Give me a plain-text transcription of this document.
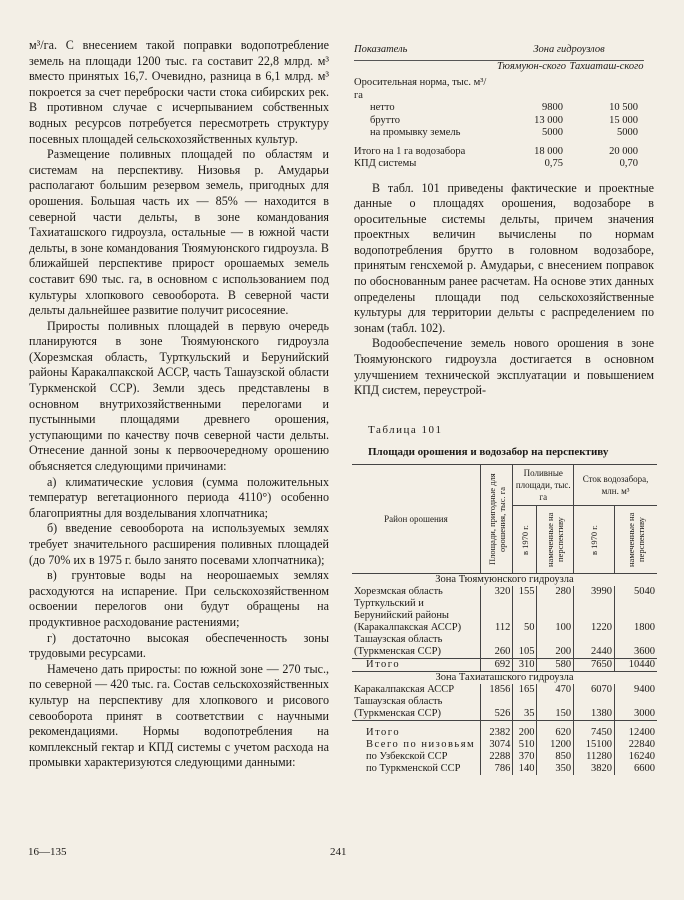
м³/га. С внесением такой поправки водопотребление земель на площади 1200 тыс. га составит 22,8 млрд. м³ вместо принятых 16,7. Очевидно, разница в 6,1 млрд. м³ покроется за счет переброски части стока сибирских рек. В противном случае с исчерпыванием собственных водных ресурсов потребуется пересмотреть структуру посевных площадей сельскохозяйственных культур.

Размещение поливных площадей по областям и системам на перспективу. Низовья р. Амударьи располагают большим резервом земель, пригодных для орошения. Большая часть их — 85% — находится в северной части дельты, в зоне командования Тахиаташского гидроузла, остальные — в южной части дельты, в зоне командования Тюямуюнского гидроузла. В ближайшей перспективе прирост орошаемых земель составит 690 тыс. га, в основном с использованием под культуры хлопкового севооборота. В северной части дельты дальнейшее развитие получит рисосеяние.

Приросты поливных площадей в первую очередь планируются в зоне Тюямуюнского гидроузла (Хорезмская область, Турткульский и Берунийский районы Каракалпакской АССР, часть Ташаузской области Туркменской ССР). Земли здесь представлены в основном внутрихозяйственными перелогами и пустынными площадями древнего орошения, уступающими по качеству почв северной части дельты. Отнесение данной зоны к первоочередному орошению объясняется следующими причинами:

а) климатические условия (сумма положительных температур вегетационного периода 4110°) особенно благоприятны для возделывания хлопчатника;

б) введение севооборота на используемых землях требует значительного расширения поливных площадей (до 70% их в 1975 г. было занято посевами хлопчатника);

в) грунтовые воды на неорошаемых землях расходуются на испарение. При сельскохозяйственном освоении перелогов они будут обращены на продуктивное расходование растениями;

г) достаточно высокая обеспеченность зоны трудовыми ресурсами.

Намечено дать приросты: по южной зоне — 270 тыс., по северной — 420 тыс. га. Состав сельскохозяйственных культур на перспективу для хлопкового и рисового севооборота принят в соответствии с научными рекомендациями. Нормы водопотребления на комплексный гектар и КПД системы с учетом расхода на промывки характеризуются следующими данными:

Показатель	Зона гидроузлов
Тюямуюн-ского Тахиаташ-ского
Оросительная норма, тыс. м³/га
нетто	9800	10 500
брутто	13 000	15 000
на промывку земель	5000	5000
Итого на 1 га водозабора	18 000	20 000
КПД системы	0,75	0,70

В табл. 101 приведены фактические и проектные данные о площадях орошения, водозаборе в оросительные системы дельты, причем значения проектных величин вычислены по нормам водопотребления брутто в головном водозаборе, принятым генсхемой р. Амударьи, с внесением поправок по обоснованным ранее расчетам. На основе этих данных определены площади под сельскохозяйственные культуры для территории дельты с распределением по зонам (табл. 102).

Водообеспечение земель нового орошения в зоне Тюямуюнского гидроузла достигается в основном улучшением технической эксплуатации и повышением КПД систем, переустрой-

Таблица 101
Площади орошения и водозабор на перспективу
Район орошения	Площади, пригодные для орошения, тыс. га	Поливные площади, тыс. га		Сток водозабора, млн. м³	

		в 1970 г.	намеченные на перспективу	в 1970 г.	намеченные на перспективу

Зона Тюямуюнского гидроузла					
Хорезмская область	320	155	280	3990	5040
Турткульский и Берунийский районы (Каракалпакская АССР)	112	50	100	1220	1800
Ташаузская область (Туркменская ССР)	260	105	200	2440	3600
Итого	692	310	580	7650	10440
Зона Тахиаташского гидроузла					
Каракалпакская АССР	1856	165	470	6070	9400
Ташаузская область (Туркменская ССР)	526	35	150	1380	3000
Итого	2382	200	620	7450	12400
Всего по низовьям	3074	510	1200	15100	22840
по Узбекской ССР	2288	370	850	11280	16240
по Туркменской ССР	786	140	350	3820	6600
16—135	241
